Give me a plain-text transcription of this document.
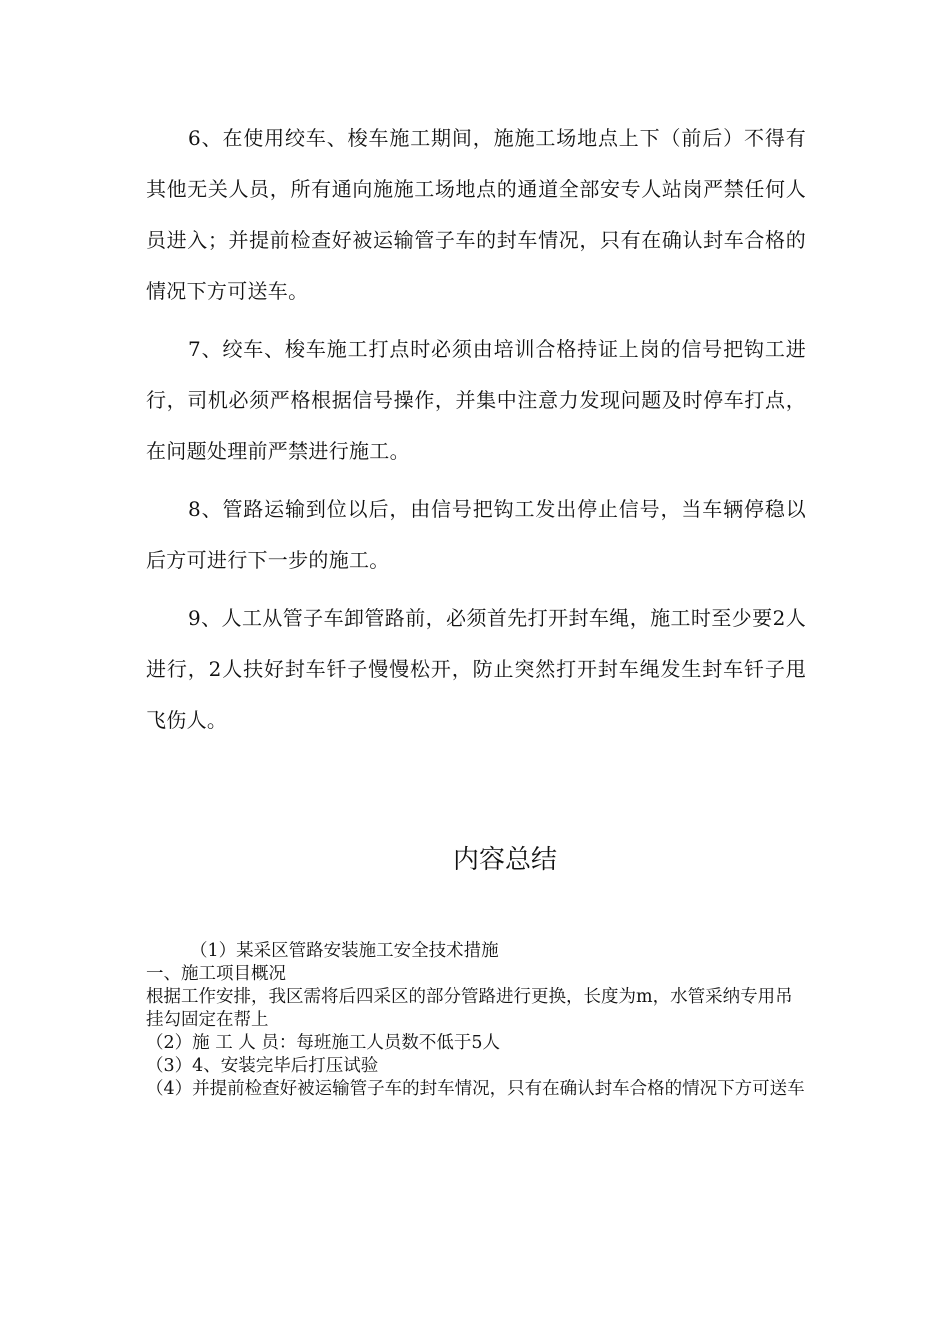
6、在使用绞车、梭车施工期间，施施工场地点上下（前后）不得有其他无关人员，所有通向施施工场地点的通道全部安专人站岗严禁任何人员进入；并提前检查好被运输管子车的封车情况，只有在确认封车合格的情况下方可送车。

7、绞车、梭车施工打点时必须由培训合格持证上岗的信号把钩工进行，司机必须严格根据信号操作，并集中注意力发现问题及时停车打点，在问题处理前严禁进行施工。

8、管路运输到位以后，由信号把钩工发出停止信号，当车辆停稳以后方可进行下一步的施工。

9、人工从管子车卸管路前，必须首先打开封车绳，施工时至少要2人进行，2人扶好封车钎子慢慢松开，防止突然打开封车绳发生封车钎子甩飞伤人。

内容总结

（1）某采区管路安装施工安全技术措施

一、施工项目概况

根据工作安排，我区需将后四采区的部分管路进行更换，长度为m，水管采纳专用吊挂勾固定在帮上

（2）施 工 人 员：每班施工人员数不低于5人

（3）4、安装完毕后打压试验

（4）并提前检查好被运输管子车的封车情况，只有在确认封车合格的情况下方可送车
